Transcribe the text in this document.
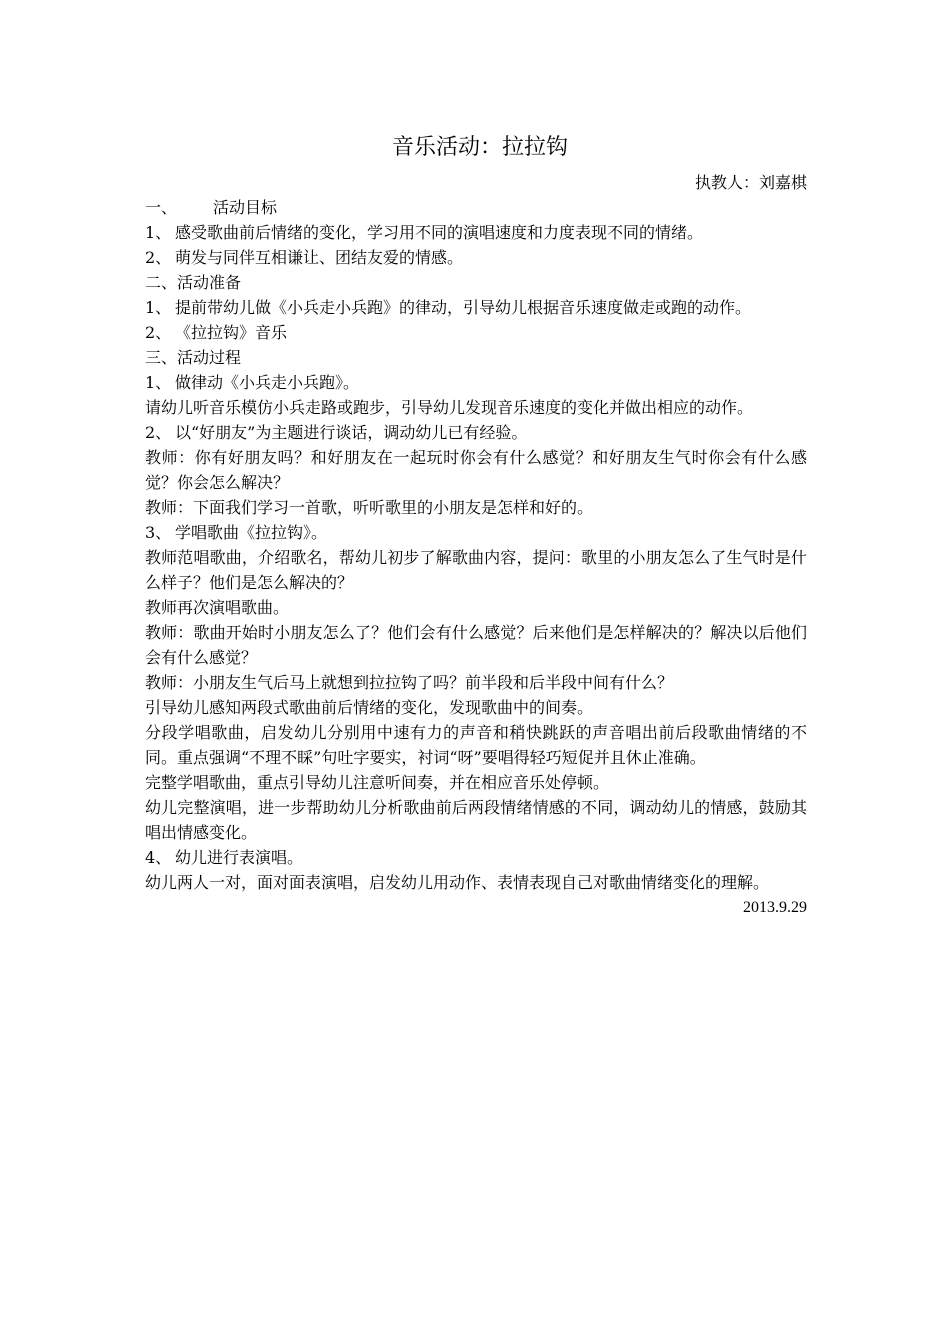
音乐活动：拉拉钩
执教人：刘嘉棋
一、 活动目标
1、 感受歌曲前后情绪的变化，学习用不同的演唱速度和力度表现不同的情绪。
2、 萌发与同伴互相谦让、团结友爱的情感。
二、活动准备
1、 提前带幼儿做《小兵走小兵跑》的律动，引导幼儿根据音乐速度做走或跑的动作。
2、 《拉拉钩》音乐
三、活动过程
1、 做律动《小兵走小兵跑》。
请幼儿听音乐模仿小兵走路或跑步，引导幼儿发现音乐速度的变化并做出相应的动作。
2、 以“好朋友”为主题进行谈话，调动幼儿已有经验。
教师：你有好朋友吗？和好朋友在一起玩时你会有什么感觉？和好朋友生气时你会有什么感觉？你会怎么解决？
教师：下面我们学习一首歌，听听歌里的小朋友是怎样和好的。
3、 学唱歌曲《拉拉钩》。
教师范唱歌曲，介绍歌名，帮幼儿初步了解歌曲内容，提问：歌里的小朋友怎么了生气时是什么样子？他们是怎么解决的？
教师再次演唱歌曲。
教师：歌曲开始时小朋友怎么了？他们会有什么感觉？后来他们是怎样解决的？解决以后他们会有什么感觉？
教师：小朋友生气后马上就想到拉拉钩了吗？前半段和后半段中间有什么？
引导幼儿感知两段式歌曲前后情绪的变化，发现歌曲中的间奏。
分段学唱歌曲，启发幼儿分别用中速有力的声音和稍快跳跃的声音唱出前后段歌曲情绪的不同。重点强调“不理不睬”句吐字要实，衬词“呀”要唱得轻巧短促并且休止准确。
完整学唱歌曲，重点引导幼儿注意听间奏，并在相应音乐处停顿。
幼儿完整演唱，进一步帮助幼儿分析歌曲前后两段情绪情感的不同，调动幼儿的情感，鼓励其唱出情感变化。
4、 幼儿进行表演唱。
幼儿两人一对，面对面表演唱，启发幼儿用动作、表情表现自己对歌曲情绪变化的理解。
2013.9.29
